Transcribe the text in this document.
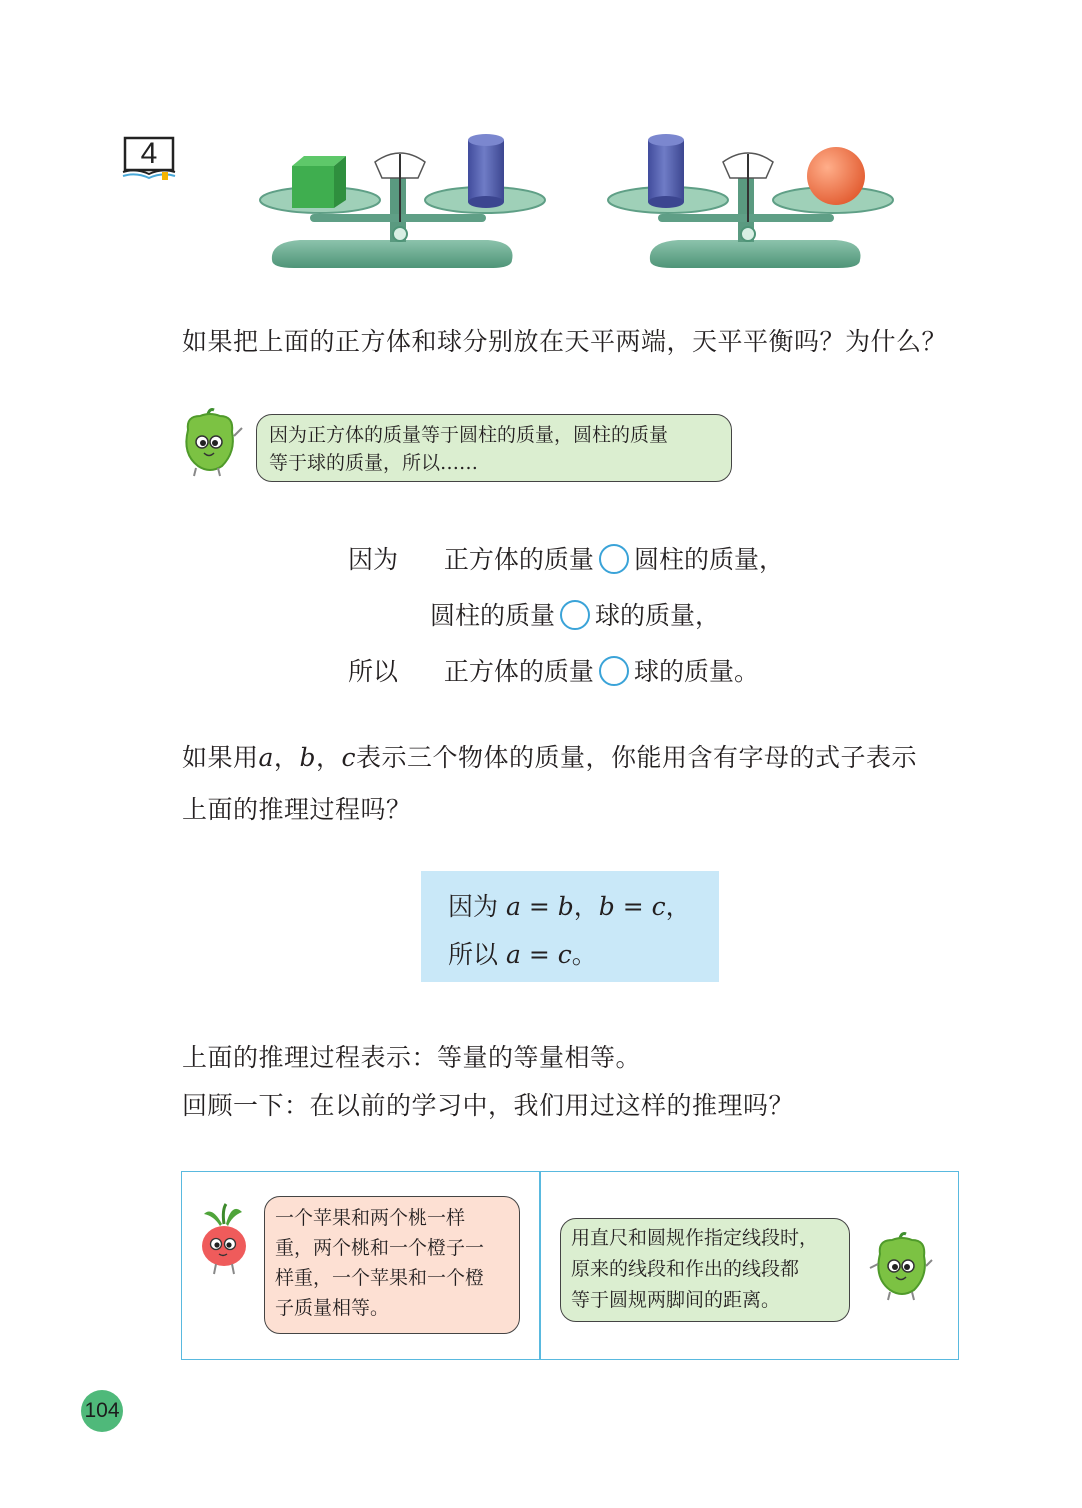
4
如果把上面的正方体和球分别放在天平两端，天平平衡吗？为什么？
因为正方体的质量等于圆柱的质量，圆柱的质量
等于球的质量，所以……
因为 正方体的质量 圆柱的质量，
圆柱的质量 球的质量，
所以 正方体的质量 球的质量。
如果用a，b，c表示三个物体的质量，你能用含有字母的式子表示
上面的推理过程吗？
因为 a = b，b = c，
所以 a = c。
上面的推理过程表示：等量的等量相等。
回顾一下：在以前的学习中，我们用过这样的推理吗？
一个苹果和两个桃一样
重，两个桃和一个橙子一
样重，一个苹果和一个橙
子质量相等。
用直尺和圆规作指定线段时，
原来的线段和作出的线段都
等于圆规两脚间的距离。
104
